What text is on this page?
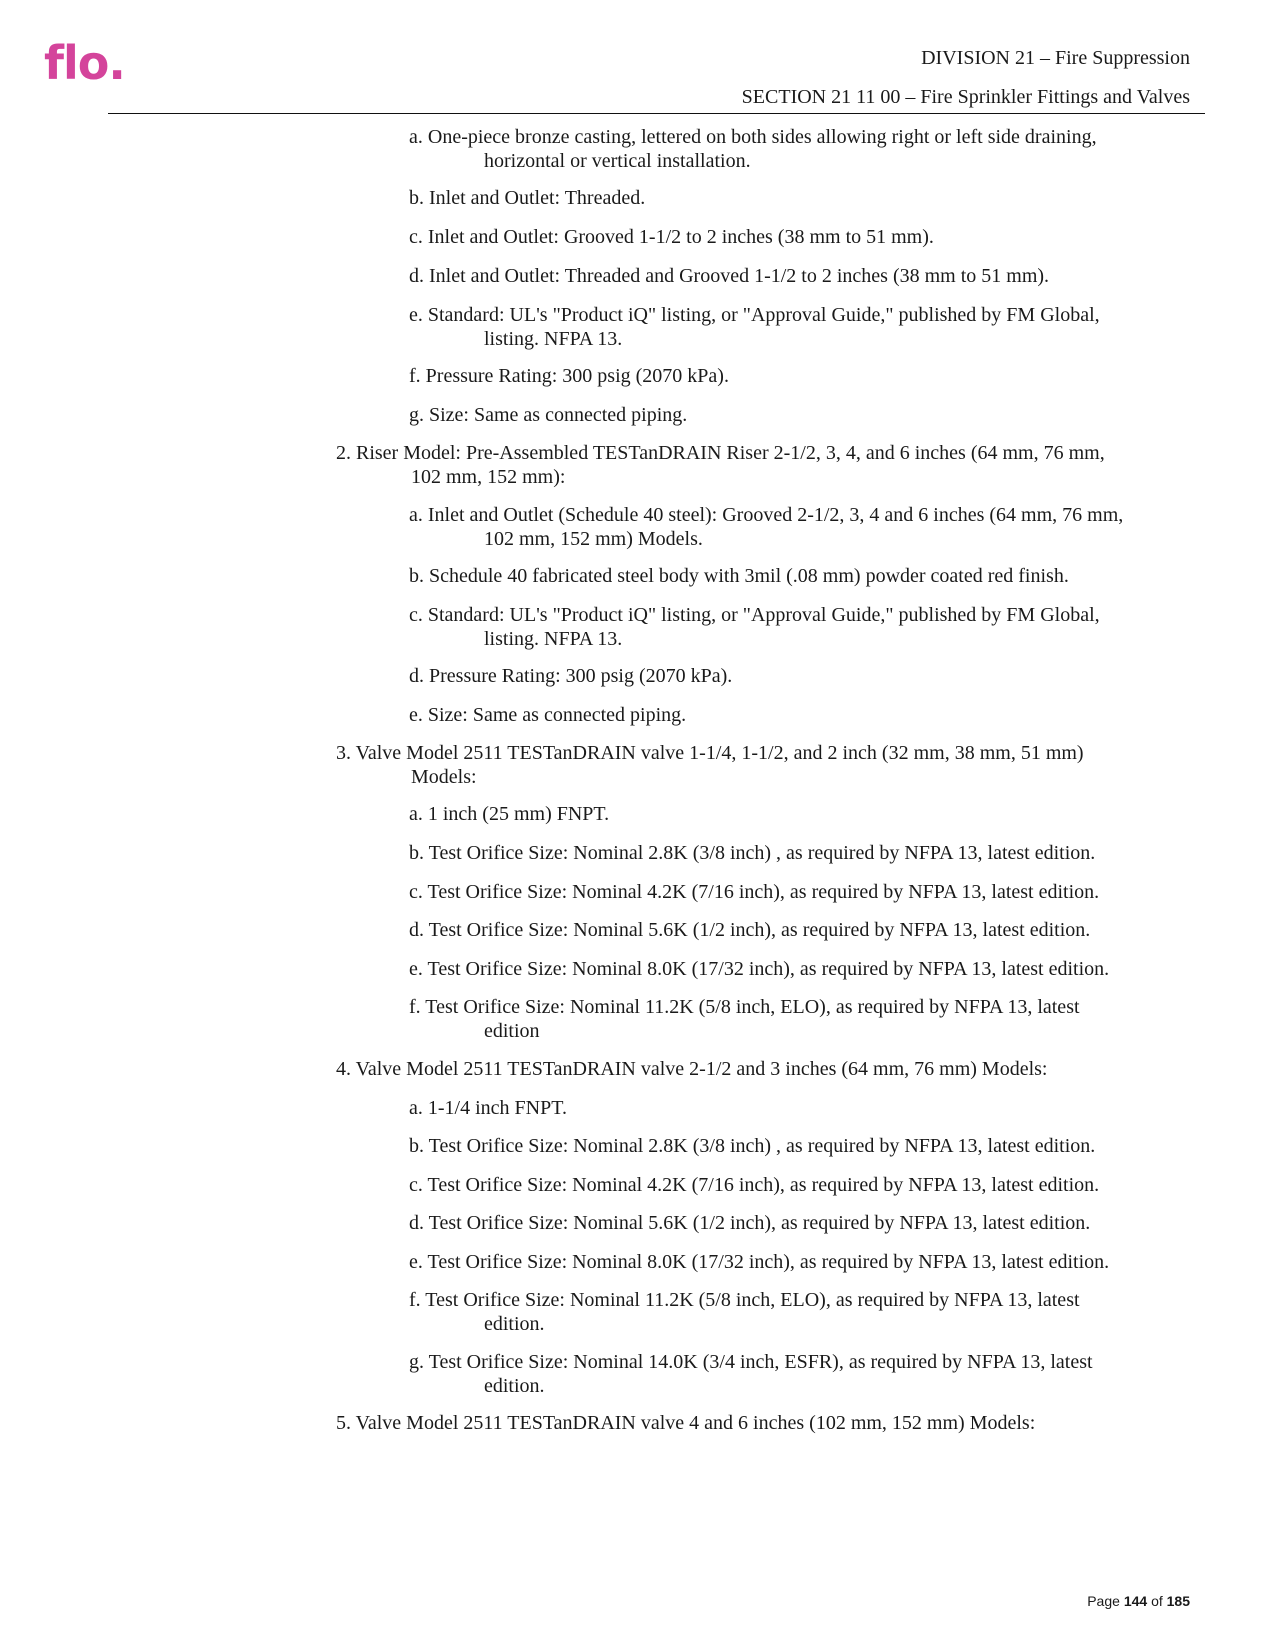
flo.	DIVISION 21 – Fire Suppression
SECTION 21 11 00 – Fire Sprinkler Fittings and Valves
a. One-piece bronze casting, lettered on both sides allowing right or left side draining,
horizontal or vertical installation.
b. Inlet and Outlet: Threaded.
c. Inlet and Outlet: Grooved 1-1/2 to 2 inches (38 mm to 51 mm).
d. Inlet and Outlet: Threaded and Grooved 1-1/2 to 2 inches (38 mm to 51 mm).
e. Standard: UL's "Product iQ" listing, or "Approval Guide," published by FM Global,
listing. NFPA 13.
f. Pressure Rating: 300 psig (2070 kPa).
g. Size: Same as connected piping.
2. Riser Model: Pre-Assembled TESTanDRAIN Riser 2-1/2, 3, 4, and 6 inches (64 mm, 76 mm,
102 mm, 152 mm):
a. Inlet and Outlet (Schedule 40 steel): Grooved 2-1/2, 3, 4 and 6 inches (64 mm, 76 mm,
102 mm, 152 mm) Models.
b. Schedule 40 fabricated steel body with 3mil (.08 mm) powder coated red finish.
c. Standard: UL's "Product iQ" listing, or "Approval Guide," published by FM Global,
listing. NFPA 13.
d. Pressure Rating: 300 psig (2070 kPa).
e. Size: Same as connected piping.
3. Valve Model 2511 TESTanDRAIN valve 1-1/4, 1-1/2, and 2 inch (32 mm, 38 mm, 51 mm)
Models:
a. 1 inch (25 mm) FNPT.
b. Test Orifice Size: Nominal 2.8K (3/8 inch) , as required by NFPA 13, latest edition.
c. Test Orifice Size: Nominal 4.2K (7/16 inch), as required by NFPA 13, latest edition.
d. Test Orifice Size: Nominal 5.6K (1/2 inch), as required by NFPA 13, latest edition.
e. Test Orifice Size: Nominal 8.0K (17/32 inch), as required by NFPA 13, latest edition.
f. Test Orifice Size: Nominal 11.2K (5/8 inch, ELO), as required by NFPA 13, latest
edition
4. Valve Model 2511 TESTanDRAIN valve 2-1/2 and 3 inches (64 mm, 76 mm) Models:
a. 1-1/4 inch FNPT.
b. Test Orifice Size: Nominal 2.8K (3/8 inch) , as required by NFPA 13, latest edition.
c. Test Orifice Size: Nominal 4.2K (7/16 inch), as required by NFPA 13, latest edition.
d. Test Orifice Size: Nominal 5.6K (1/2 inch), as required by NFPA 13, latest edition.
e. Test Orifice Size: Nominal 8.0K (17/32 inch), as required by NFPA 13, latest edition.
f. Test Orifice Size: Nominal 11.2K (5/8 inch, ELO), as required by NFPA 13, latest
edition.
g. Test Orifice Size: Nominal 14.0K (3/4 inch, ESFR), as required by NFPA 13, latest
edition.
5. Valve Model 2511 TESTanDRAIN valve 4 and 6 inches (102 mm, 152 mm) Models:
Page 144 of 185
